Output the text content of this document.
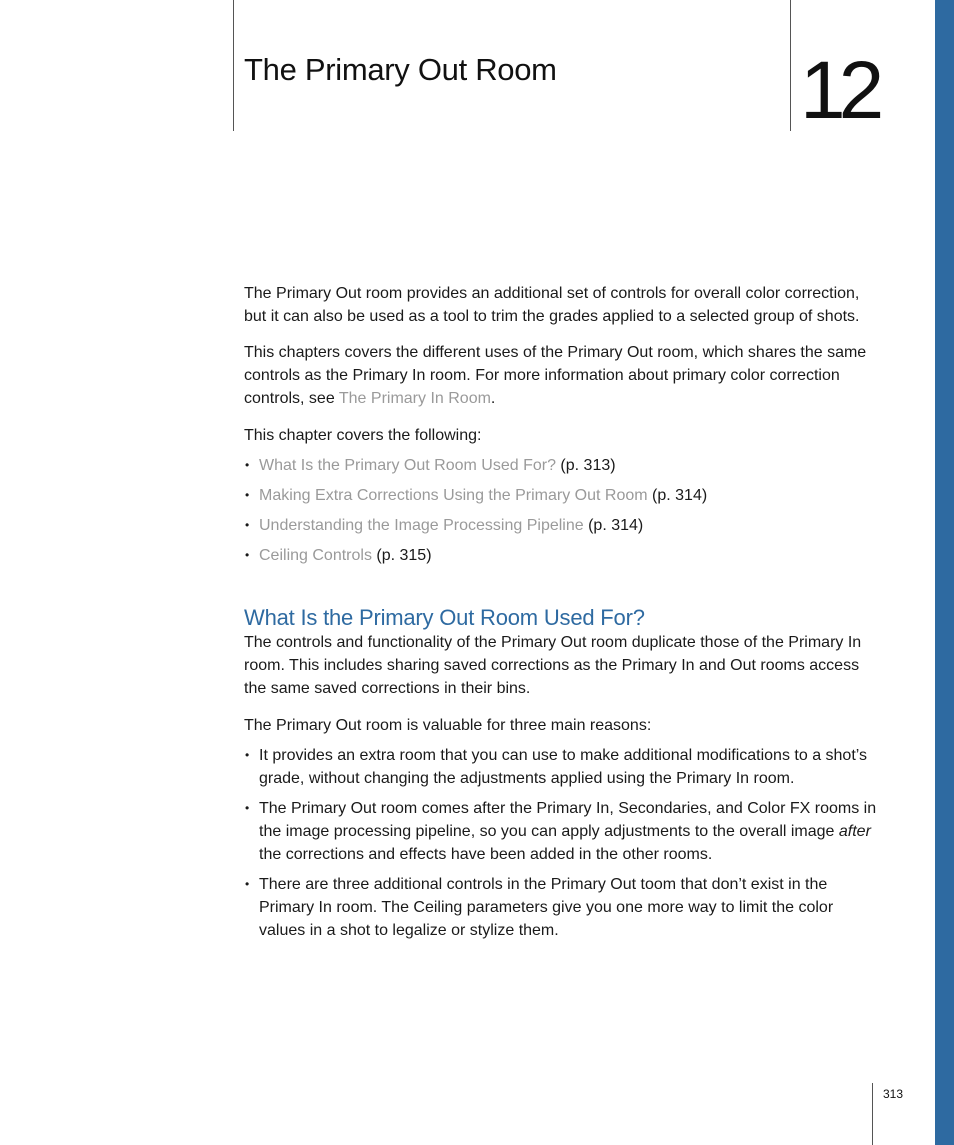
The Primary Out Room	12

The Primary Out room provides an additional set of controls for overall color correction, but it can also be used as a tool to trim the grades applied to a selected group of shots.

This chapters covers the different uses of the Primary Out room, which shares the same controls as the Primary In room. For more information about primary color correction controls, see The Primary In Room.

This chapter covers the following:

• What Is the Primary Out Room Used For? (p. 313)
• Making Extra Corrections Using the Primary Out Room (p. 314)
• Understanding the Image Processing Pipeline (p. 314)
• Ceiling Controls (p. 315)
What Is the Primary Out Room Used For?

The controls and functionality of the Primary Out room duplicate those of the Primary In room. This includes sharing saved corrections as the Primary In and Out rooms access the same saved corrections in their bins.

The Primary Out room is valuable for three main reasons:

• It provides an extra room that you can use to make additional modifications to a shot’s grade, without changing the adjustments applied using the Primary In room.
• The Primary Out room comes after the Primary In, Secondaries, and Color FX rooms in the image processing pipeline, so you can apply adjustments to the overall image after the corrections and effects have been added in the other rooms.
• There are three additional controls in the Primary Out toom that don’t exist in the Primary In room. The Ceiling parameters give you one more way to limit the color values in a shot to legalize or stylize them.
313
